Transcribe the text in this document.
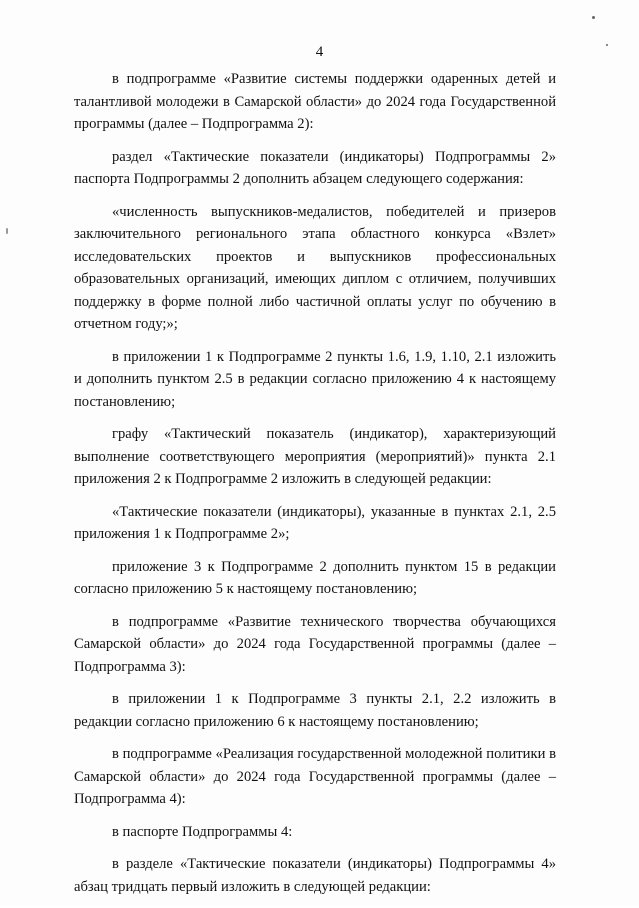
4

в подпрограмме «Развитие системы поддержки одаренных детей и талантливой молодежи в Самарской области» до 2024 года Государственной программы (далее – Подпрограмма 2):

раздел «Тактические показатели (индикаторы) Подпрограммы 2» паспорта Подпрограммы 2 дополнить абзацем следующего содержания:

«численность выпускников-медалистов, победителей и призеров заключительного регионального этапа областного конкурса «Взлет» исследовательских проектов и выпускников профессиональных образовательных организаций, имеющих диплом с отличием, получивших поддержку в форме полной либо частичной оплаты услуг по обучению в отчетном году;»;

в приложении 1 к Подпрограмме 2 пункты 1.6, 1.9, 1.10, 2.1 изложить и дополнить пунктом 2.5 в редакции согласно приложению 4 к настоящему постановлению;

графу «Тактический показатель (индикатор), характеризующий выполнение соответствующего мероприятия (мероприятий)» пункта 2.1 приложения 2 к Подпрограмме 2 изложить в следующей редакции:

«Тактические показатели (индикаторы), указанные в пунктах 2.1, 2.5 приложения 1 к Подпрограмме 2»;

приложение 3 к Подпрограмме 2 дополнить пунктом 15 в редакции согласно приложению 5 к настоящему постановлению;

в подпрограмме «Развитие технического творчества обучающихся Самарской области» до 2024 года Государственной программы (далее – Подпрограмма 3):

в приложении 1 к Подпрограмме 3 пункты 2.1, 2.2 изложить в редакции согласно приложению 6 к настоящему постановлению;

в подпрограмме «Реализация государственной молодежной политики в Самарской области» до 2024 года Государственной программы (далее – Подпрограмма 4):

в паспорте Подпрограммы 4:

в разделе «Тактические показатели (индикаторы) Подпрограммы 4» абзац тридцать первый изложить в следующей редакции:
